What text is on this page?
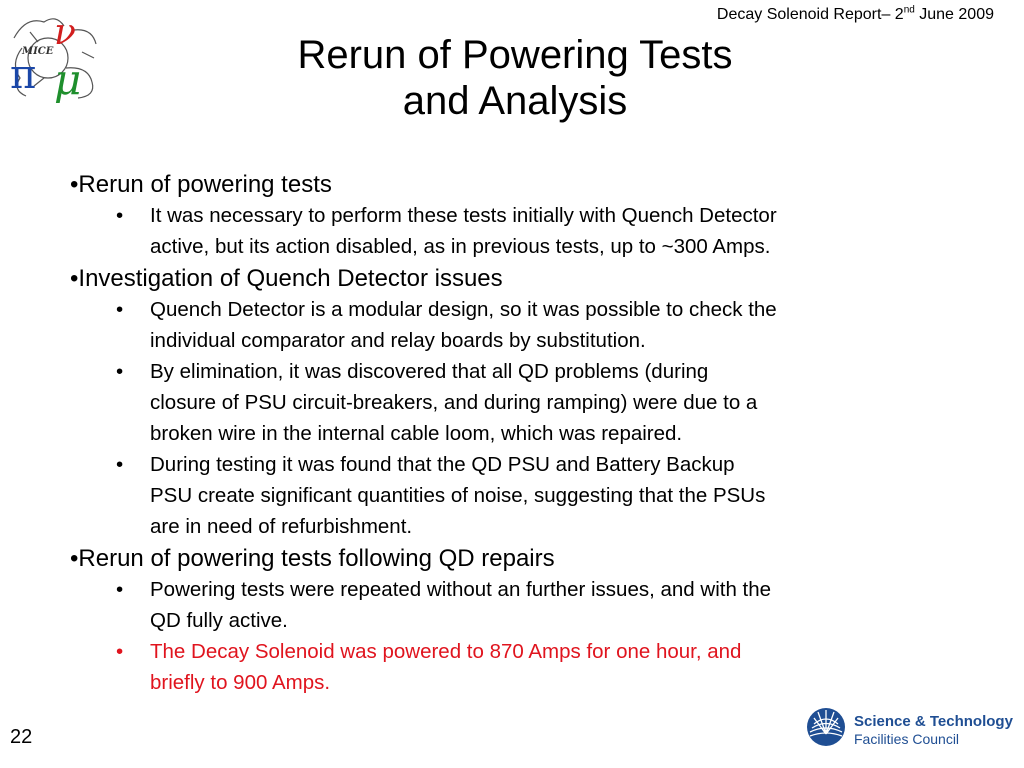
Decay Solenoid Report– 2nd June 2009
MICE ν
π μ	Rerun of Powering Tests
and Analysis
•Rerun of powering tests
• It was necessary to perform these tests initially with Quench Detector
active, but its action disabled, as in previous tests, up to ~300 Amps.
•Investigation of Quench Detector issues
• Quench Detector is a modular design, so it was possible to check the
individual comparator and relay boards by substitution.
• By elimination, it was discovered that all QD problems (during
closure of PSU circuit-breakers, and during ramping) were due to a
broken wire in the internal cable loom, which was repaired.
• During testing it was found that the QD PSU and Battery Backup
PSU create significant quantities of noise, suggesting that the PSUs
are in need of refurbishment.
•Rerun of powering tests following QD repairs
• Powering tests were repeated without an further issues, and with the
QD fully active.
• The Decay Solenoid was powered to 870 Amps for one hour, and
briefly to 900 Amps.
22
Science & Technology
Facilities Council
